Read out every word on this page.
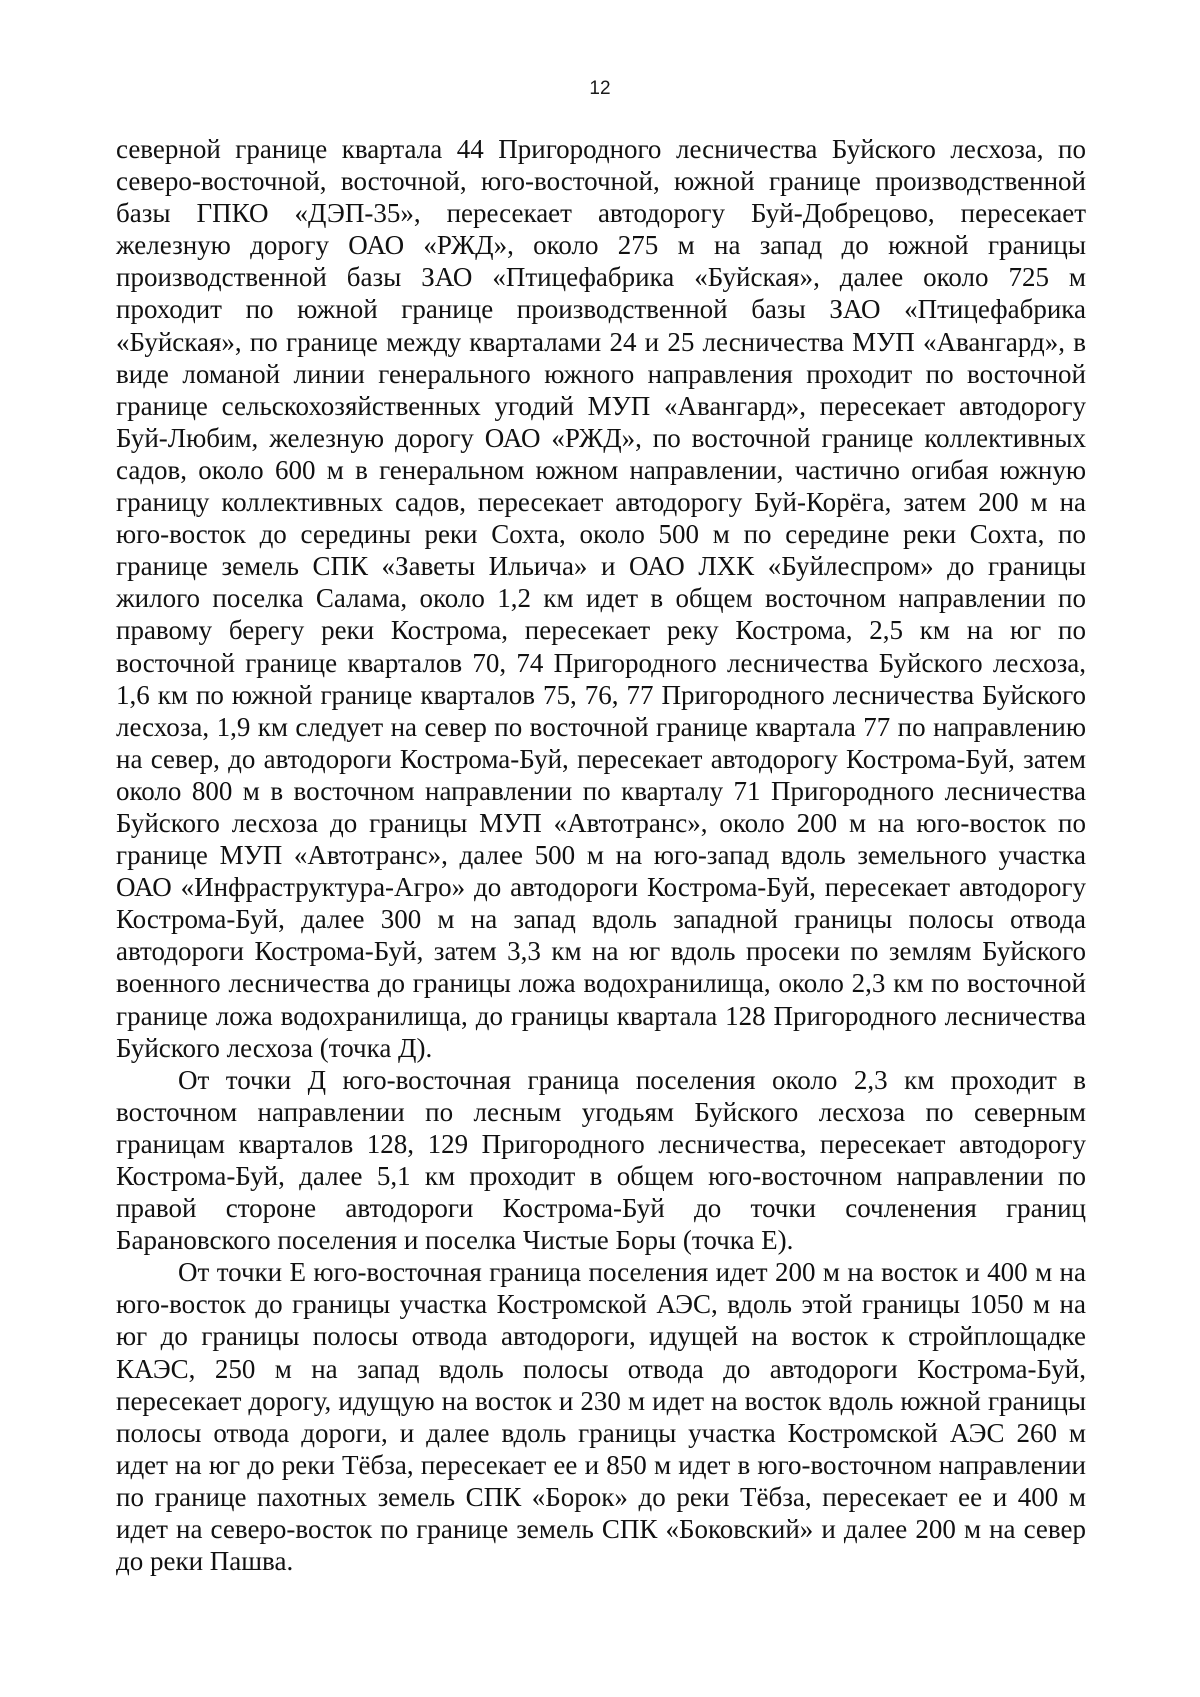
12

северной границе квартала 44 Пригородного лесничества Буйского лесхоза, по северо-восточной, восточной, юго-восточной, южной границе производственной базы ГПКО «ДЭП-35», пересекает автодорогу Буй-Добрецово, пересекает железную дорогу ОАО «РЖД», около 275 м на запад до южной границы производственной базы ЗАО «Птицефабрика «Буйская», далее около 725 м проходит по южной границе производственной базы ЗАО «Птицефабрика «Буйская», по границе между кварталами 24 и 25 лесничества МУП «Авангард», в виде ломаной линии генерального южного направления проходит по восточной границе сельскохозяйственных угодий МУП «Авангард», пересекает автодорогу Буй-Любим, железную дорогу ОАО «РЖД», по восточной границе коллективных садов, около 600 м в генеральном южном направлении, частично огибая южную границу коллективных садов, пересекает автодорогу Буй-Корёга, затем 200 м на юго-восток до середины реки Сохта, около 500 м по середине реки Сохта, по границе земель СПК «Заветы Ильича» и ОАО ЛХК «Буйлеспром» до границы жилого поселка Салама, около 1,2 км идет в общем восточном направлении по правому берегу реки Кострома, пересекает реку Кострома, 2,5 км на юг по восточной границе кварталов 70, 74 Пригородного лесничества Буйского лесхоза, 1,6 км по южной границе кварталов 75, 76, 77 Пригородного лесничества Буйского лесхоза, 1,9 км следует на север по восточной границе квартала 77 по направлению на север, до автодороги Кострома-Буй, пересекает автодорогу Кострома-Буй, затем около 800 м в восточном направлении по кварталу 71 Пригородного лесничества Буйского лесхоза до границы МУП «Автотранс», около 200 м на юго-восток по границе МУП «Автотранс», далее 500 м на юго-запад вдоль земельного участка ОАО «Инфраструктура-Агро» до автодороги Кострома-Буй, пересекает автодорогу Кострома-Буй, далее 300 м на запад вдоль западной границы полосы отвода автодороги Кострома-Буй, затем 3,3 км на юг вдоль просеки по землям Буйского военного лесничества до границы ложа водохранилища, около 2,3 км по восточной границе ложа водохранилища, до границы квартала 128 Пригородного лесничества Буйского лесхоза (точка Д).

От точки Д юго-восточная граница поселения около 2,3 км проходит в восточном направлении по лесным угодьям Буйского лесхоза по северным границам кварталов 128, 129 Пригородного лесничества, пересекает автодорогу Кострома-Буй, далее 5,1 км проходит в общем юго-восточном направлении по правой стороне автодороги Кострома-Буй до точки сочленения границ Барановского поселения и поселка Чистые Боры (точка Е).

От точки Е юго-восточная граница поселения идет 200 м на восток и 400 м на юго-восток до границы участка Костромской АЭС, вдоль этой границы 1050 м на юг до границы полосы отвода автодороги, идущей на восток к стройплощадке КАЭС, 250 м на запад вдоль полосы отвода до автодороги Кострома-Буй, пересекает дорогу, идущую на восток и 230 м идет на восток вдоль южной границы полосы отвода дороги, и далее вдоль границы участка Костромской АЭС 260 м идет на юг до реки Тёбза, пересекает ее и 850 м идет в юго-восточном направлении по границе пахотных земель СПК «Борок» до реки Тёбза, пересекает ее и 400 м идет на северо-восток по границе земель СПК «Боковский» и далее 200 м на север до реки Пашва.
